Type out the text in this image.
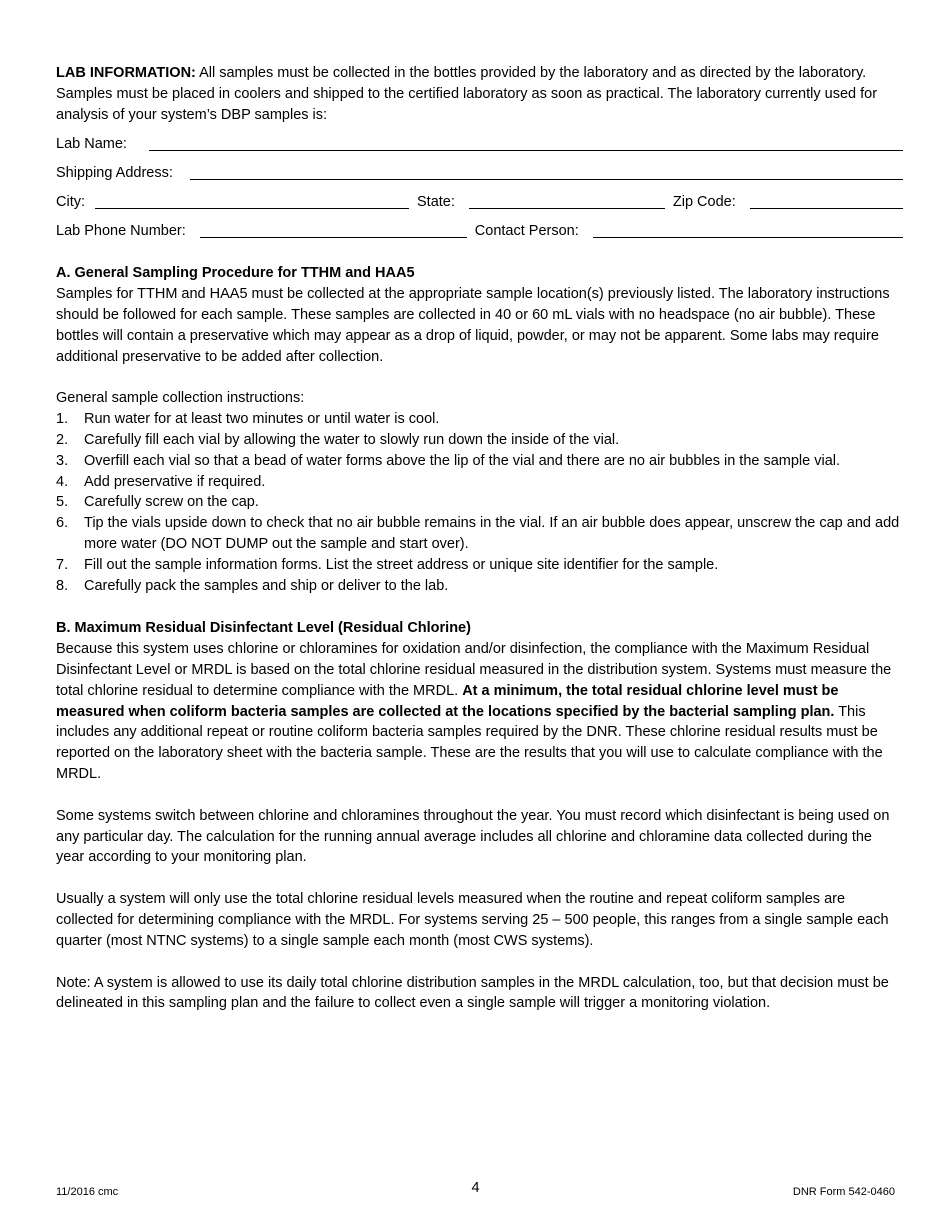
LAB INFORMATION: All samples must be collected in the bottles provided by the laboratory and as directed by the laboratory. Samples must be placed in coolers and shipped to the certified laboratory as soon as practical. The laboratory currently used for analysis of your system’s DBP samples is:

Lab Name:
Shipping Address:
City:	State:	Zip Code:
Lab Phone Number:	Contact Person:

A. General Sampling Procedure for TTHM and HAA5

Samples for TTHM and HAA5 must be collected at the appropriate sample location(s) previously listed. The laboratory instructions should be followed for each sample. These samples are collected in 40 or 60 mL vials with no headspace (no air bubble). These bottles will contain a preservative which may appear as a drop of liquid, powder, or may not be apparent. Some labs may require additional preservative to be added after collection.

General sample collection instructions:

1. Run water for at least two minutes or until water is cool.
2. Carefully fill each vial by allowing the water to slowly run down the inside of the vial.
3. Overfill each vial so that a bead of water forms above the lip of the vial and there are no air bubbles in the sample vial.
4. Add preservative if required.
5. Carefully screw on the cap.
6. Tip the vials upside down to check that no air bubble remains in the vial. If an air bubble does appear, unscrew the cap and add more water (DO NOT DUMP out the sample and start over).
7. Fill out the sample information forms. List the street address or unique site identifier for the sample.
8. Carefully pack the samples and ship or deliver to the lab.

B. Maximum Residual Disinfectant Level (Residual Chlorine)

Because this system uses chlorine or chloramines for oxidation and/or disinfection, the compliance with the Maximum Residual Disinfectant Level or MRDL is based on the total chlorine residual measured in the distribution system. Systems must measure the total chlorine residual to determine compliance with the MRDL. At a minimum, the total residual chlorine level must be measured when coliform bacteria samples are collected at the locations specified by the bacterial sampling plan. This includes any additional repeat or routine coliform bacteria samples required by the DNR. These chlorine residual results must be reported on the laboratory sheet with the bacteria sample. These are the results that you will use to calculate compliance with the MRDL.

Some systems switch between chlorine and chloramines throughout the year. You must record which disinfectant is being used on any particular day. The calculation for the running annual average includes all chlorine and chloramine data collected during the year according to your monitoring plan.

Usually a system will only use the total chlorine residual levels measured when the routine and repeat coliform samples are collected for determining compliance with the MRDL. For systems serving 25 – 500 people, this ranges from a single sample each quarter (most NTNC systems) to a single sample each month (most CWS systems).

Note: A system is allowed to use its daily total chlorine distribution samples in the MRDL calculation, too, but that decision must be delineated in this sampling plan and the failure to collect even a single sample will trigger a monitoring violation.

11/2016 cmc	4	DNR Form 542-0460
